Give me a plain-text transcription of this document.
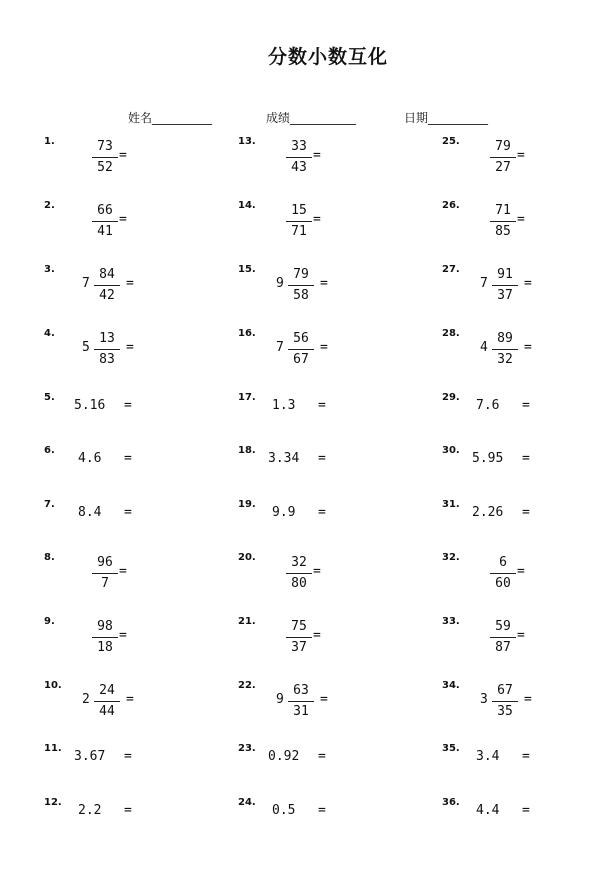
分数小数互化
姓名__________	成绩___________	日期__________
1.	73
52
=
2.	66
41
=
3.
7
84
42
=
4.
5
13
83
=
5.
5.16 =
6.
4.6 =
7.
8.4 =
8.	96
7
=
9.	98
18
=
10.
2
24
44
=
11.
3.67 =
12.
2.2 =
13.	33
43
=
14.	15
71
=
15.
9
79
58
=
16.
7
56
67
=
17.
1.3 =
18.
3.34 =
19.
9.9 =
20.	32
80
=
21.	75
37
=
22.
9
63
31
=
23.
0.92 =
24.
0.5 =
25.	79
27
=
26.	71
85
=
27.
7
91
37
=
28.
4
89
32
=
29.
7.6 =
30.
5.95 =
31.
2.26 =
32.	6
60
=
33.	59
87
=
34.
3
67
35
=
35.
3.4 =
36.
4.4 =
